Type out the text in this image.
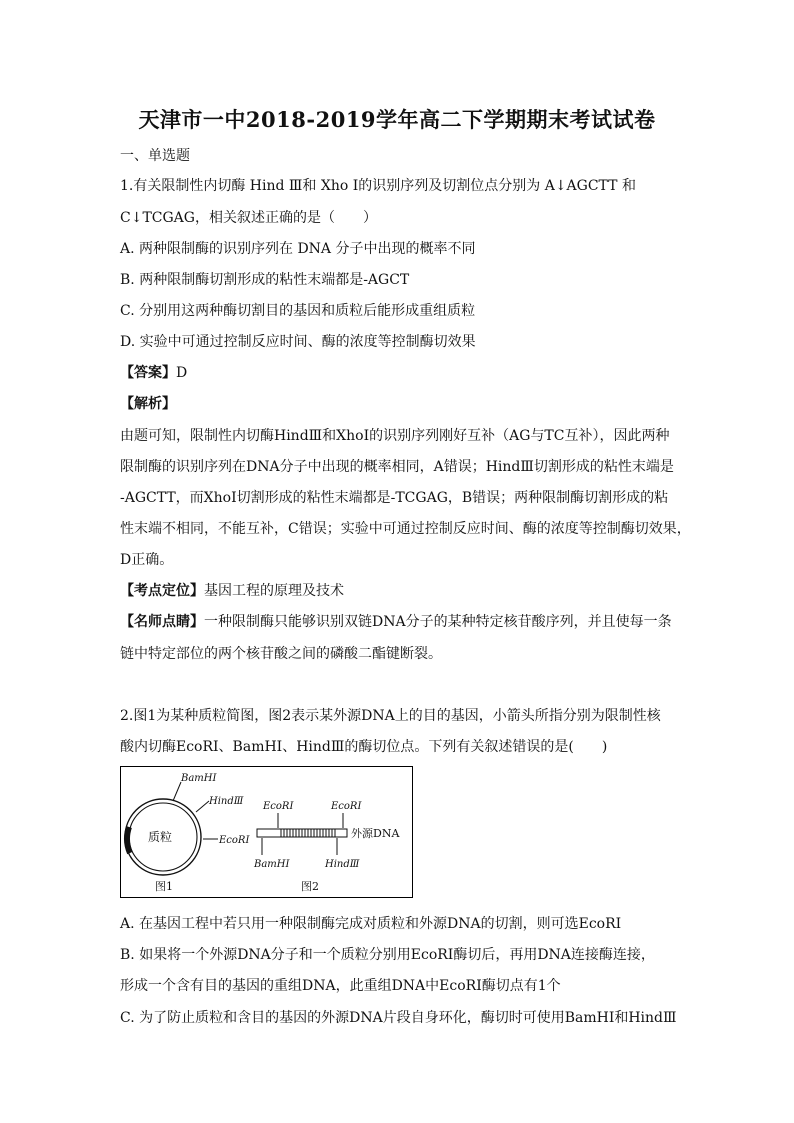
天津市一中2018-2019学年高二下学期期末考试试卷
一、单选题
1.有关限制性内切酶 Hind Ⅲ和 Xho Ⅰ的识别序列及切割位点分别为 A↓AGCTT 和
C↓TCGAG，相关叙述正确的是（　　）
A. 两种限制酶的识别序列在 DNA 分子中出现的概率不同
B. 两种限制酶切割形成的粘性末端都是-AGCT
C. 分别用这两种酶切割目的基因和质粒后能形成重组质粒
D. 实验中可通过控制反应时间、酶的浓度等控制酶切效果
【答案】D
【解析】
由题可知，限制性内切酶HindⅢ和XhoⅠ的识别序列刚好互补（AG与TC互补），因此两种
限制酶的识别序列在DNA分子中出现的概率相同，A错误；HindⅢ切割形成的粘性末端是
-AGCTT，而XhoⅠ切割形成的粘性末端都是-TCGAG，B错误；两种限制酶切割形成的粘
性末端不相同，不能互补，C错误；实验中可通过控制反应时间、酶的浓度等控制酶切效果，
D正确。
【考点定位】基因工程的原理及技术
【名师点睛】一种限制酶只能够识别双链DNA分子的某种特定核苷酸序列，并且使每一条
链中特定部位的两个核苷酸之间的磷酸二酯键断裂。
2.图1为某种质粒简图，图2表示某外源DNA上的目的基因，小箭头所指分别为限制性核
酸内切酶EcoRⅠ、BamHⅠ、HindⅢ的酶切位点。下列有关叙述错误的是(　　)
质粒
BamHⅠ
HindⅢ
EcoRⅠ
图1
外源DNA
EcoRⅠ	EcoRⅠ
BamHⅠ	HindⅢ
图2
A. 在基因工程中若只用一种限制酶完成对质粒和外源DNA的切割，则可选EcoRⅠ
B. 如果将一个外源DNA分子和一个质粒分别用EcoRⅠ酶切后，再用DNA连接酶连接，
形成一个含有目的基因的重组DNA，此重组DNA中EcoRⅠ酶切点有1个
C. 为了防止质粒和含目的基因的外源DNA片段自身环化，酶切时可使用BamHⅠ和HindⅢ
